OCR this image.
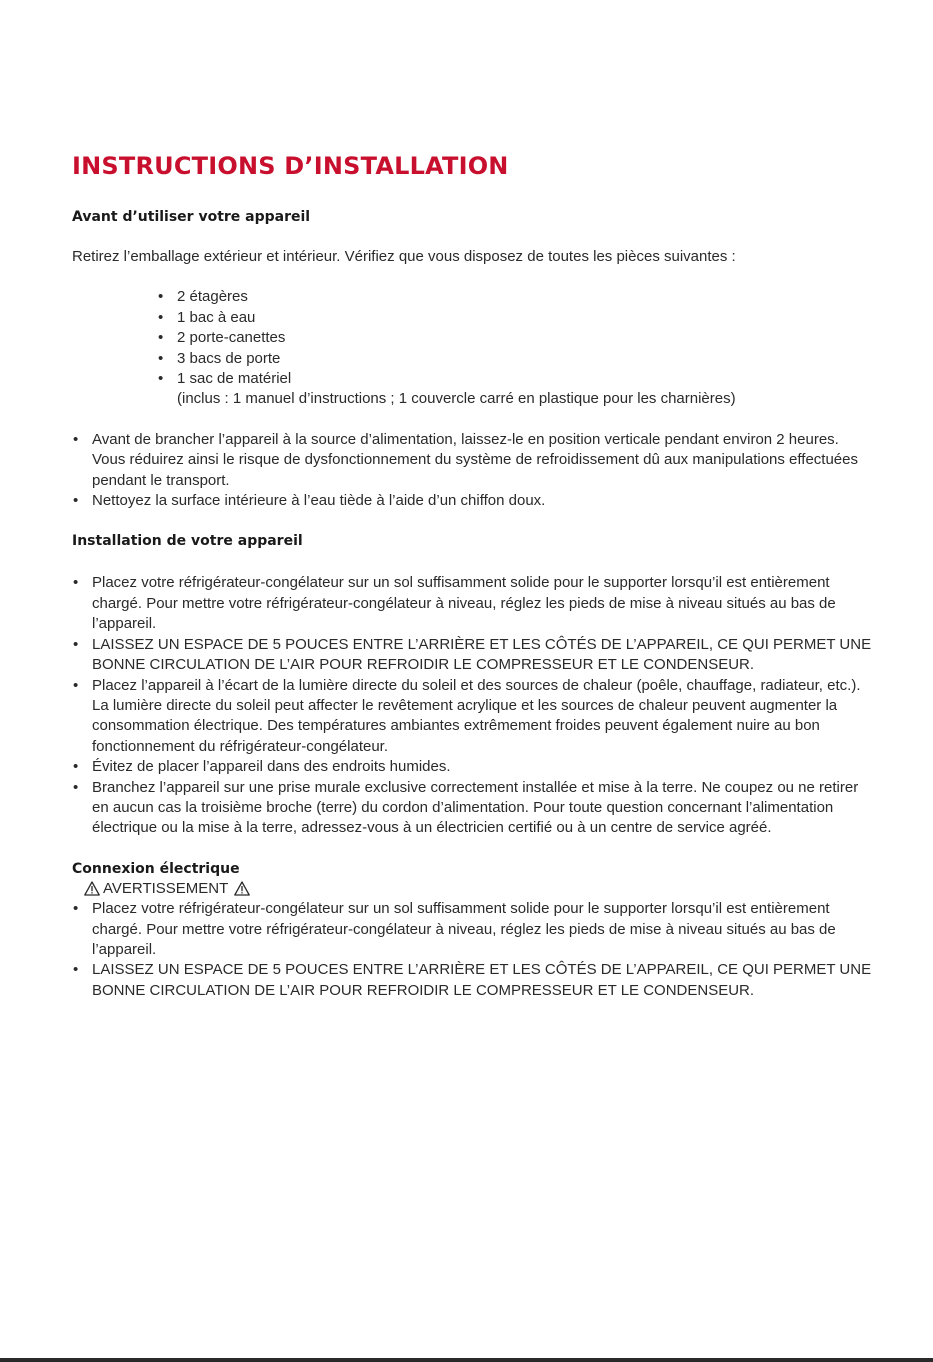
INSTRUCTIONS D’INSTALLATION
Avant d’utiliser votre appareil

Retirez l’emballage extérieur et intérieur. Vérifiez que vous disposez de toutes les pièces suivantes :

• 2 étagères
• 1 bac à eau
• 2 porte-canettes
• 3 bacs de porte
• 1 sac de matériel
(inclus : 1 manuel d’instructions ; 1 couvercle carré en plastique pour les charnières)
• Avant de brancher l’appareil à la source d’alimentation, laissez-le en position verticale pendant environ 2 heures. Vous réduirez ainsi le risque de dysfonctionnement du système de refroidissement dû aux manipulations effectuées pendant le transport.
• Nettoyez la surface intérieure à l’eau tiède à l’aide d’un chiffon doux.
Installation de votre appareil
• Placez votre réfrigérateur-congélateur sur un sol suffisamment solide pour le supporter lorsqu’il est entièrement chargé. Pour mettre votre réfrigérateur-congélateur à niveau, réglez les pieds de mise à niveau situés au bas de l’appareil.
• LAISSEZ UN ESPACE DE 5 POUCES ENTRE L’ARRIÈRE ET LES CÔTÉS DE L’APPAREIL, CE QUI PERMET UNE BONNE CIRCULATION DE L’AIR POUR REFROIDIR LE COMPRESSEUR ET LE CONDENSEUR.
• Placez l’appareil à l’écart de la lumière directe du soleil et des sources de chaleur (poêle, chauffage, radiateur, etc.). La lumière directe du soleil peut affecter le revêtement acrylique et les sources de chaleur peuvent augmenter la consommation électrique. Des températures ambiantes extrêmement froides peuvent également nuire au bon fonctionnement du réfrigérateur-congélateur.
• Évitez de placer l’appareil dans des endroits humides.
• Branchez l’appareil sur une prise murale exclusive correctement installée et mise à la terre. Ne coupez ou ne retirer en aucun cas la troisième broche (terre) du cordon d’alimentation. Pour toute question concernant l’alimentation électrique ou la mise à la terre, adressez-vous à un électricien certifié ou à un centre de service agréé.
Connexion électrique
AVERTISSEMENT
• Placez votre réfrigérateur-congélateur sur un sol suffisamment solide pour le supporter lorsqu’il est entièrement chargé. Pour mettre votre réfrigérateur-congélateur à niveau, réglez les pieds de mise à niveau situés au bas de l’appareil.
• LAISSEZ UN ESPACE DE 5 POUCES ENTRE L’ARRIÈRE ET LES CÔTÉS DE L’APPAREIL, CE QUI PERMET UNE BONNE CIRCULATION DE L’AIR POUR REFROIDIR LE COMPRESSEUR ET LE CONDENSEUR.
